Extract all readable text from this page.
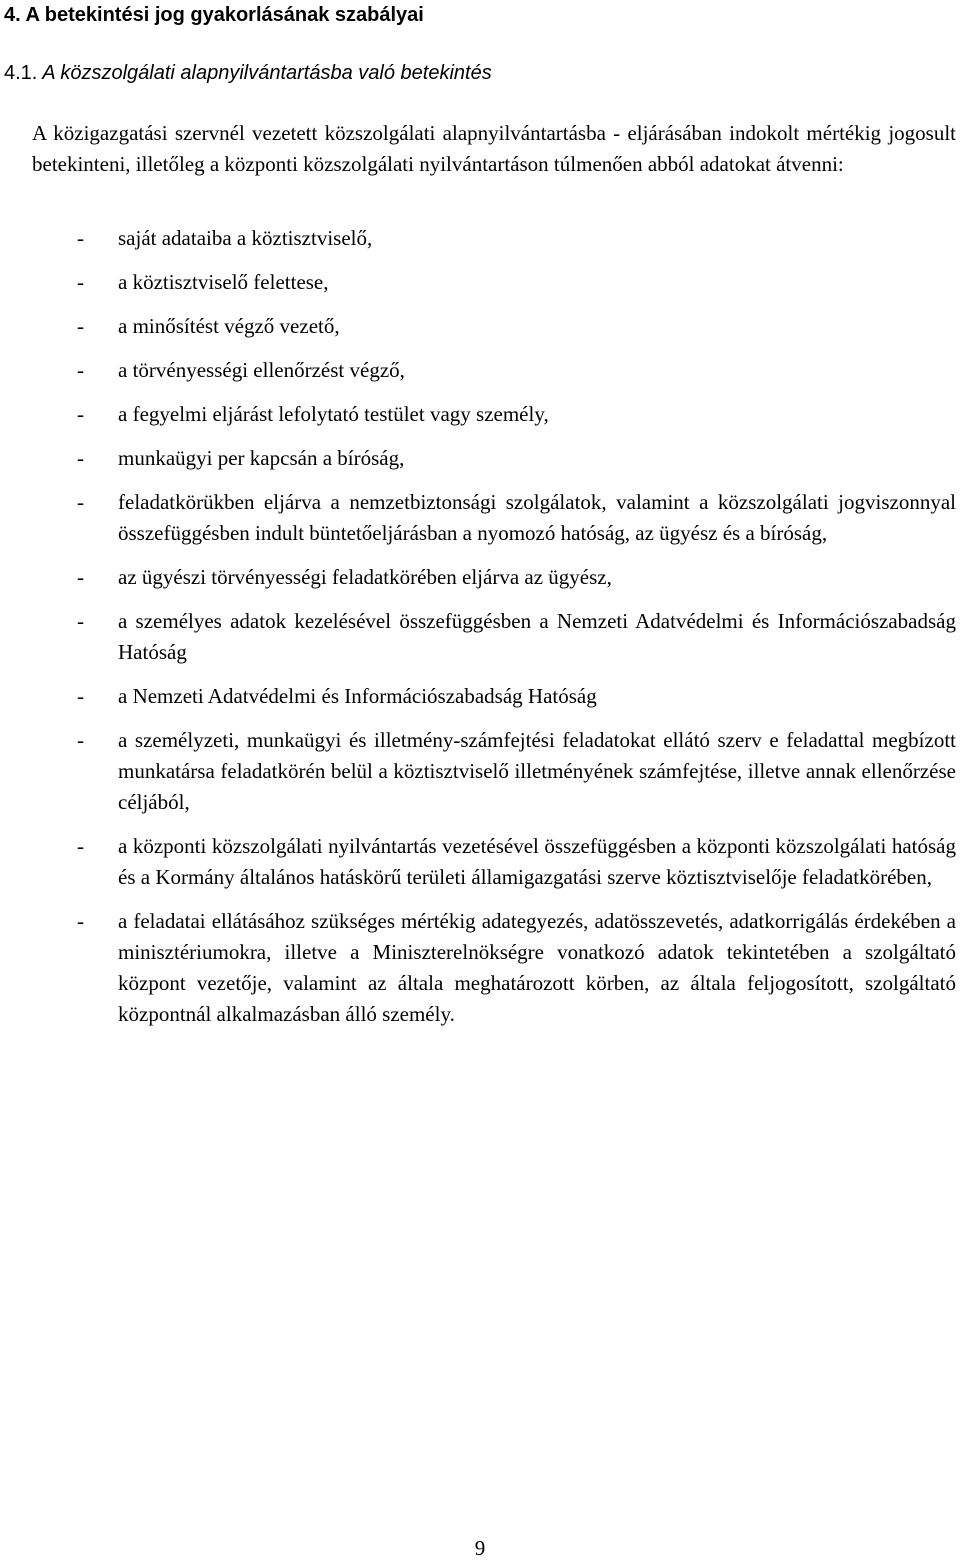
4. A betekintési jog gyakorlásának szabályai
4.1. A közszolgálati alapnyilvántartásba való betekintés

A közigazgatási szervnél vezetett közszolgálati alapnyilvántartásba - eljárásában indokolt mértékig jogosult betekinteni, illetőleg a központi közszolgálati nyilvántartáson túlmenően abból adatokat átvenni:

- saját adataiba a köztisztviselő,
- a köztisztviselő felettese,
- a minősítést végző vezető,
- a törvényességi ellenőrzést végző,
- a fegyelmi eljárást lefolytató testület vagy személy,
- munkaügyi per kapcsán a bíróság,
- feladatkörükben eljárva a nemzetbiztonsági szolgálatok, valamint a közszolgálati jogviszonnyal összefüggésben indult büntetőeljárásban a nyomozó hatóság, az ügyész és a bíróság,
- az ügyészi törvényességi feladatkörében eljárva az ügyész,
- a személyes adatok kezelésével összefüggésben a Nemzeti Adatvédelmi és Információszabadság Hatóság
- a Nemzeti Adatvédelmi és Információszabadság Hatóság
- a személyzeti, munkaügyi és illetmény-számfejtési feladatokat ellátó szerv e feladattal megbízott munkatársa feladatkörén belül a köztisztviselő illetményének számfejtése, illetve annak ellenőrzése céljából,
- a központi közszolgálati nyilvántartás vezetésével összefüggésben a központi közszolgálati hatóság és a Kormány általános hatáskörű területi államigazgatási szerve köztisztviselője feladatkörében,
- a feladatai ellátásához szükséges mértékig adategyezés, adatösszevetés, adatkorrigálás érdekében a minisztériumokra, illetve a Miniszterelnökségre vonatkozó adatok tekintetében a szolgáltató központ vezetője, valamint az általa meghatározott körben, az általa feljogosított, szolgáltató központnál alkalmazásban álló személy.
9
